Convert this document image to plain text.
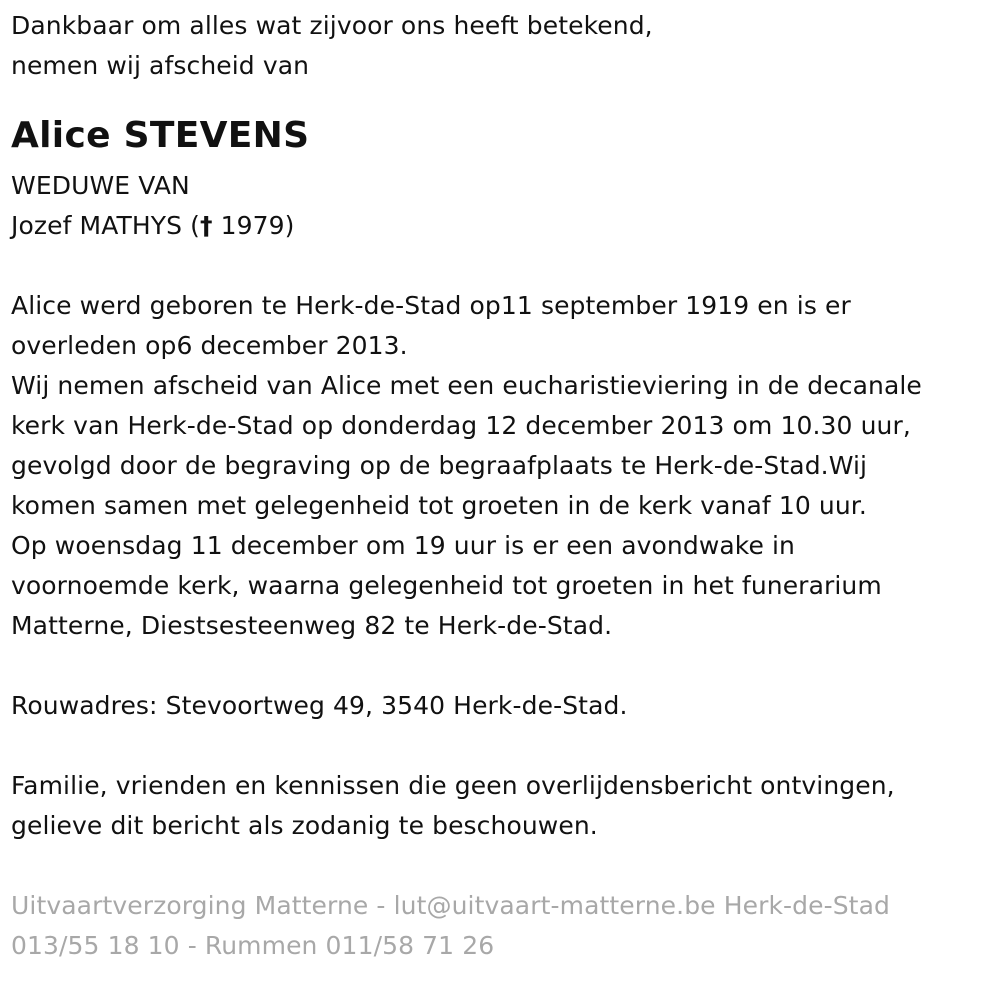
Dankbaar om alles wat zijvoor ons heeft betekend,
nemen wij afscheid van
Alice STEVENS
WEDUWE VAN
Jozef MATHYS († 1979)
Alice werd geboren te Herk-de-Stad op11 september 1919 en is er
overleden op6 december 2013.
Wij nemen afscheid van Alice met een eucharistieviering in de decanale
kerk van Herk-de-Stad op donderdag 12 december 2013 om 10.30 uur,
gevolgd door de begraving op de begraafplaats te Herk-de-Stad.Wij
komen samen met gelegenheid tot groeten in de kerk vanaf 10 uur.
Op woensdag 11 december om 19 uur is er een avondwake in
voornoemde kerk, waarna gelegenheid tot groeten in het funerarium
Matterne, Diestsesteenweg 82 te Herk-de-Stad.
Rouwadres: Stevoortweg 49, 3540 Herk-de-Stad.
Familie, vrienden en kennissen die geen overlijdensbericht ontvingen,
gelieve dit bericht als zodanig te beschouwen.
Uitvaartverzorging Matterne - lut@uitvaart-matterne.be Herk-de-Stad
013/55 18 10 - Rummen 011/58 71 26
